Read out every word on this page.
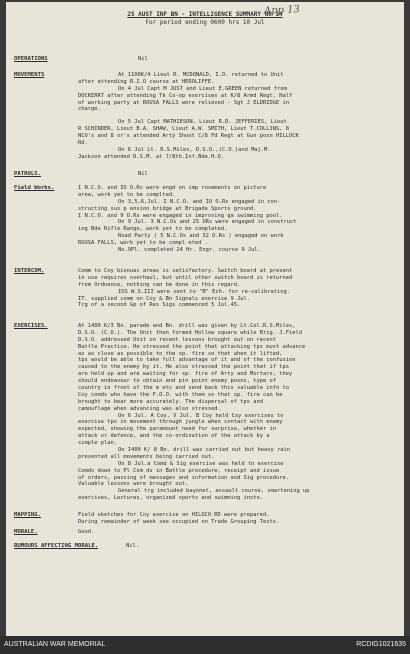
App 13
25 AUST INF BN - INTELLIGENCE SUMMARY NO 14
For period ending 0600 hrs 10 Jul
OPERATIONS	Nil
MOVEMENTS	At 1100K/4 Lieut R. MCDONALD, I.O. returned to Unit
after attending R.I.O course at HEROLIFFE.
On 4 Jul Capt M JUST and Lieut E.GREEN returned from
DOCKERRT after attending Tk Co-op exercises at K/8 Armd Regt. Half
of working party at ROUSA FALLS were relieved - Sgt J ELDRIDGE in
charge.
On 5 Jul Capt MATHIESON, Lieut R.D. JEFFERIES, Lieut
R SCHINDER, Lieut B.A. SHAW, Lieut A.W. SMITH, Lieut T.COLLINS, 8
NCO's and 8 or's attended Arty Shoot C/8 Fd Regt at Gun posn HILLOCK
Rd.
On 6 Jul Lt. R.S.Miles, D.S.O.,(C.O.)and Maj.M.
Jackson attended D.S.M. at 7/8th.Inf.Bde.H.Q.
PATROLS.	Nil
Field Works.	I N.C.O. and IO O.Rs were engd on imp rovements on picture
area, work yet to be complted.
On 3,5,6,Jul. I N.C.O. and IO O.Rs engaged in con-
structing sus p ension bridge at Brigade Sports ground.
I N.C.O. and 9 O.Rs were engaged in improving ga swimming pool.
On 9 Jul. 3 N.C.Os and 25 ORs were engaged in construct
ing Bde Rifle Range, work yet to be completed.
Road Party ( 5 N.C.Os and 32 O.Rs ) engaged on work
ROUSA FALLS, work yet to be compl eted .
No.9Pl. completed 24 Hr. Engr. course 9 Jul.
INTERCOM.	Comm to Coy bivouac areas is satisfactory. Switch board at present
in use requires overhaul, but until other switch board is returned
from Ordnance, nothing can be done in this regard.
IOS W.S.III were sent to "B" Ech. for re-calibrating.
IT. supplied comm on Coy & Bn Signals exercise 9 Jul.
Trg of a second Gp of Res Sigs commenced 5 Jul.45.
EXERCISES.	At 1400 K/3 Bn. parade and Bn. drill was given by Lt.Col.R.S.Miles,
D.S.O. (C.O.). The Unit then formed Hollow square while Brig. J.Field
D.S.O. addressed Unit on recent lessons brought out on recent
Battle Practice. He stressed the point that attacking tps must advance
as as close as possible to the sp. fire so that when it lifted,
tps would be able to take full advantage of it and of the confusion
caused to the enemy by it. He also stressed the point that if tps
are held up and are waiting for sp. fire of Arty and Mortars, they
should endeavour to obtain and pin point enemy posns, type of
country in front of the m etc and send back this valuable info to
Coy comds who have the F.O.O. with them so that sp. fire can be
brought to bear more accurately. The dispersal of tps and
camouflage when advancing was also stressed.
On 6 Jul. A Coy, V Jul. B Coy held Coy exercises to
exercise tps in movement through jungle when contact with enemy
expected, showing the paramount need for surprise, whether in
attack or defence, and the co-ordination of the attack by a
simple plan.
On I400 K/ 8 Bn. drill was carried out but heavy rain
prevented all movements being carried out.
On 8 Jul.a Comd & Sig exercise was held to exercise
Comds down to Pl Com ds in Battle procedure, receipt and issue
of orders, passing of messages and information and Sig procedure.
Valuable lessons were brought out.
General trg included bayonet, assault course, smartening up
exercises, Lectures, organized sports and swimming instn.
MAPPING.	Field sketches for Coy exercise on HILOCO RD were prepared.
During remainder of week see occupied on Trade Grouping Tests.
MORALE.	Good.
RUMOURS AFFECTING MORALE.	Nil.
AUSTRALIAN WAR MEMORIAL	RCDIG1021635
